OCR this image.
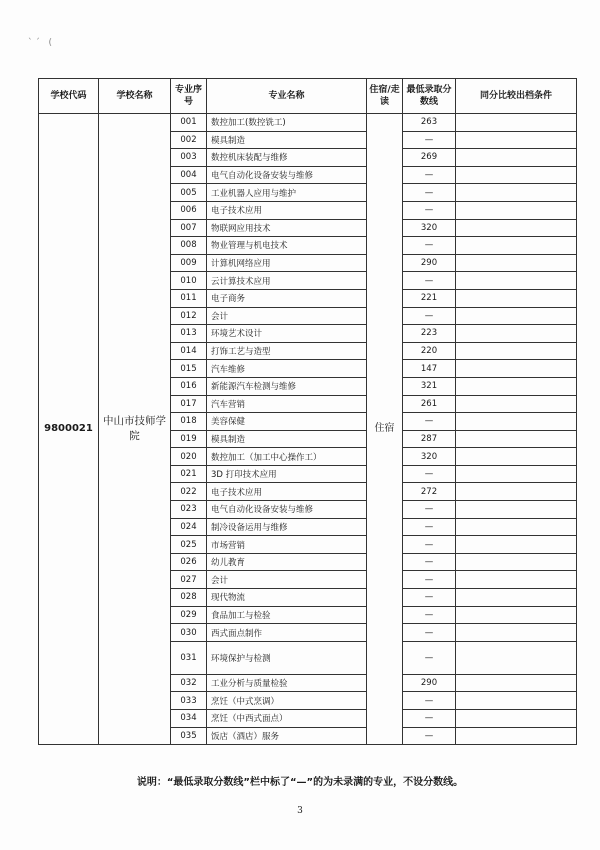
` ˊ   (
学校代码	学校名称	专业序号	专业名称	住宿/走读	最低录取分数线	同分比较出档条件
9800021	中山市技师学院	001	数控加工(数控铣工)	住宿	263	
		002	模具制造		—	
		003	数控机床装配与维修		269	
		004	电气自动化设备安装与维修		—	
		005	工业机器人应用与维护		—	
		006	电子技术应用		—	
		007	物联网应用技术		320	
		008	物业管理与机电技术		—	
		009	计算机网络应用		290	
		010	云计算技术应用		—	
		011	电子商务		221	
		012	会计		—	
		013	环境艺术设计		223	
		014	打饰工艺与造型		220	
		015	汽车维修		147	
		016	新能源汽车检测与维修		321	
		017	汽车营销		261	
		018	美容保健		—	
		019	模具制造		287	
		020	数控加工（加工中心操作工）		320	
		021	3D 打印技术应用		—	
		022	电子技术应用		272	
		023	电气自动化设备安装与维修		—	
		024	制冷设备运用与维修		—	
		025	市场营销		—	
		026	幼儿教育		—	
		027	会计		—	
		028	现代物流		—	
		029	食品加工与检验		—	
		030	西式面点制作		—	
		031	环境保护与检测		—	
		032	工业分析与质量检验		290	
		033	烹饪（中式烹调）		—	
		034	烹饪（中西式面点）		—	
		035	饭店（酒店）服务		—	
说明：“最低录取分数线”栏中标了“—”的为未录满的专业，不设分数线。
3
